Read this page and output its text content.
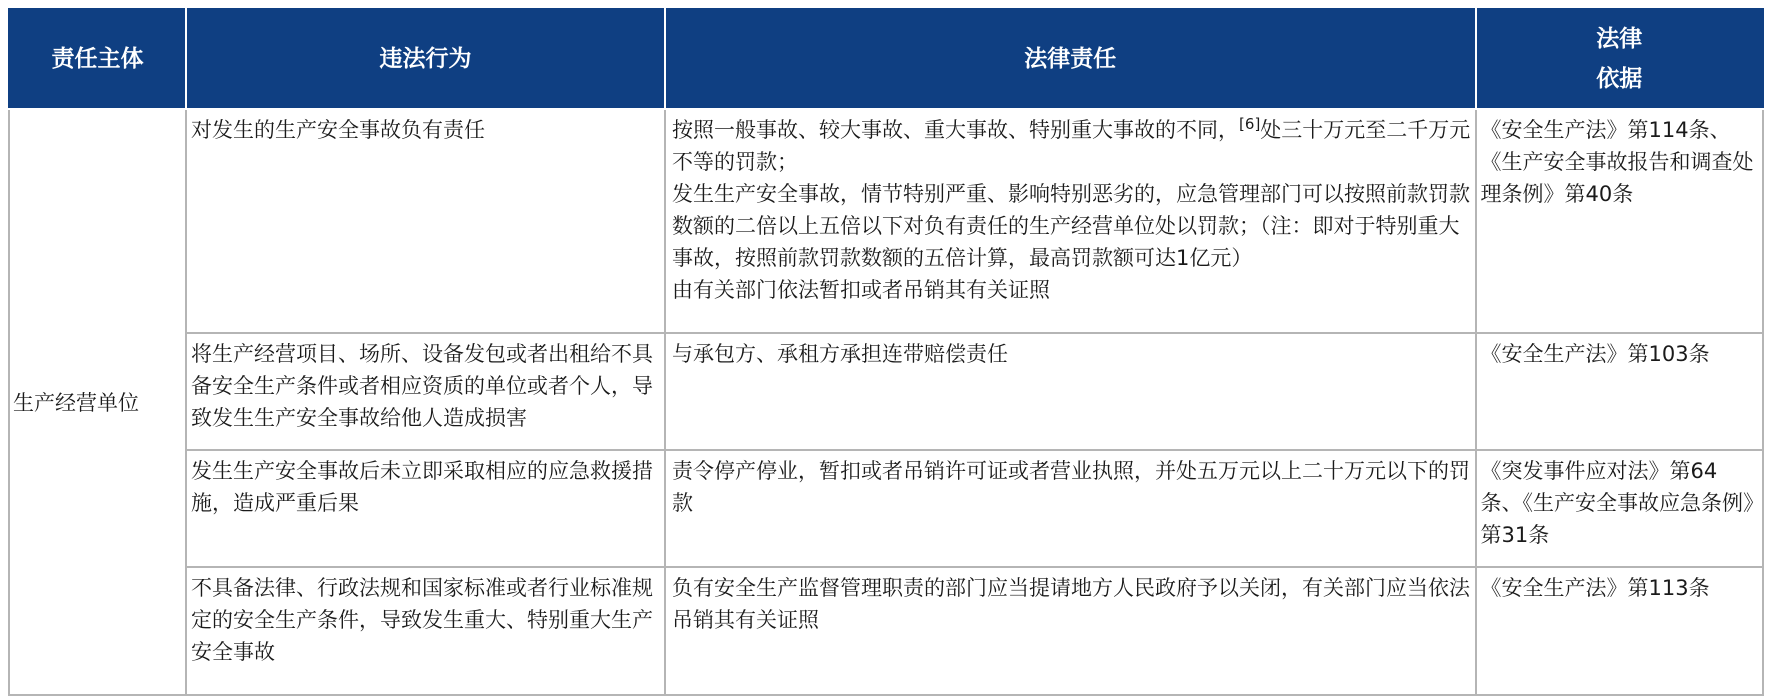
责任主体	违法行为	法律责任	法律
依据

生产经营单位	对发生的生产安全事故负有责任	按照一般事故、较大事故、重大事故、特别重大事故的不同，[6]处三十万元至二千万元不等的罚款；
发生生产安全事故，情节特别严重、影响特别恶劣的，应急管理部门可以按照前款罚款数额的二倍以上五倍以下对负有责任的生产经营单位处以罚款；（注：即对于特别重大事故，按照前款罚款数额的五倍计算，最高罚款额可达1亿元）
由有关部门依法暂扣或者吊销其有关证照	《安全生产法》第114条、《生产安全事故报告和调查处理条例》第40条
	将生产经营项目、场所、设备发包或者出租给不具备安全生产条件或者相应资质的单位或者个人，导致发生生产安全事故给他人造成损害	与承包方、承租方承担连带赔偿责任	《安全生产法》第103条
	发生生产安全事故后未立即采取相应的应急救援措施，造成严重后果	责令停产停业，暂扣或者吊销许可证或者营业执照，并处五万元以上二十万元以下的罚款	《突发事件应对法》第64条、《生产安全事故应急条例》第31条
	不具备法律、行政法规和国家标准或者行业标准规定的安全生产条件，导致发生重大、特别重大生产安全事故	负有安全生产监督管理职责的部门应当提请地方人民政府予以关闭，有关部门应当依法吊销其有关证照	《安全生产法》第113条
